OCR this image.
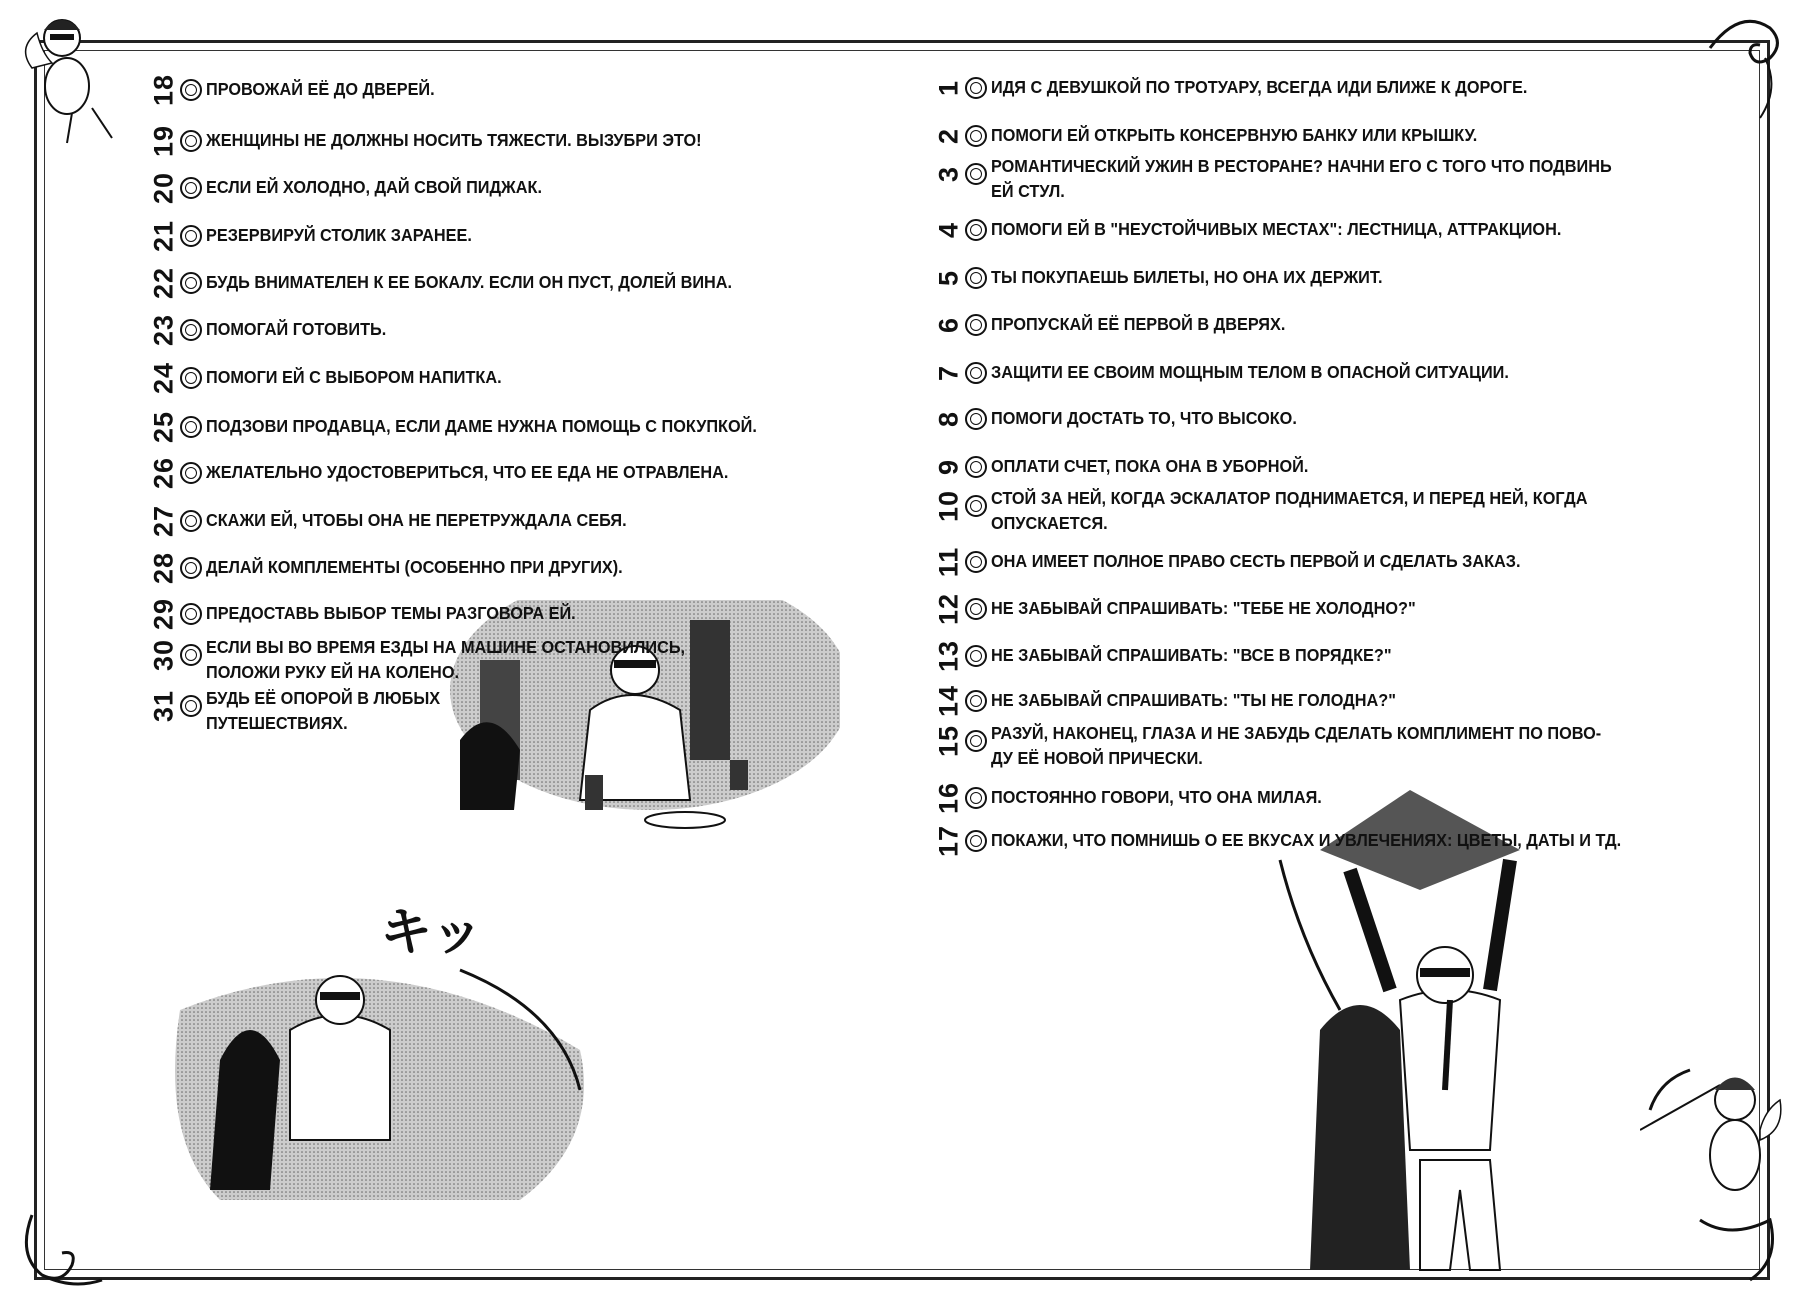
キッ
18 ПРОВОЖАЙ ЕЁ ДО ДВЕРЕЙ.
19 ЖЕНЩИНЫ НЕ ДОЛЖНЫ НОСИТЬ ТЯЖЕСТИ. ВЫЗУБРИ ЭТО!
20 ЕСЛИ ЕЙ ХОЛОДНО, ДАЙ СВОЙ ПИДЖАК.
21 РЕЗЕРВИРУЙ СТОЛИК ЗАРАНЕЕ.
22 БУДЬ ВНИМАТЕЛЕН К ЕЕ БОКАЛУ. ЕСЛИ ОН ПУСТ, ДОЛЕЙ ВИНА.
23 ПОМОГАЙ ГОТОВИТЬ.
24 ПОМОГИ ЕЙ С ВЫБОРОМ НАПИТКА.
25 ПОДЗОВИ ПРОДАВЦА, ЕСЛИ ДАМЕ НУЖНА ПОМОЩЬ С ПОКУПКОЙ.
26 ЖЕЛАТЕЛЬНО УДОСТОВЕРИТЬСЯ, ЧТО ЕЕ ЕДА НЕ ОТРАВЛЕНА.
27 СКАЖИ ЕЙ, ЧТОБЫ ОНА НЕ ПЕРЕТРУЖДАЛА СЕБЯ.
28 ДЕЛАЙ КОМПЛЕМЕНТЫ (ОСОБЕННО ПРИ ДРУГИХ).
29 ПРЕДОСТАВЬ ВЫБОР ТЕМЫ РАЗГОВОРА ЕЙ.
30 ЕСЛИ ВЫ ВО ВРЕМЯ ЕЗДЫ НА МАШИНЕ ОСТАНОВИЛИСЬ,
ПОЛОЖИ РУКУ ЕЙ НА КОЛЕНО.
31 БУДЬ ЕЁ ОПОРОЙ В ЛЮБЫХ
ПУТЕШЕСТВИЯХ.
1 ИДЯ С ДЕВУШКОЙ ПО ТРОТУАРУ, ВСЕГДА ИДИ БЛИЖЕ К ДОРОГЕ.
2 ПОМОГИ ЕЙ ОТКРЫТЬ КОНСЕРВНУЮ БАНКУ ИЛИ КРЫШКУ.
3 РОМАНТИЧЕСКИЙ УЖИН В РЕСТОРАНЕ? НАЧНИ ЕГО С ТОГО ЧТО ПОДВИНЬ
ЕЙ СТУЛ.
4 ПОМОГИ ЕЙ В "НЕУСТОЙЧИВЫХ МЕСТАХ": ЛЕСТНИЦА, АТТРАКЦИОН.
5 ТЫ ПОКУПАЕШЬ БИЛЕТЫ, НО ОНА ИХ ДЕРЖИТ.
6 ПРОПУСКАЙ ЕЁ ПЕРВОЙ В ДВЕРЯХ.
7 ЗАЩИТИ ЕЕ СВОИМ МОЩНЫМ ТЕЛОМ В ОПАСНОЙ СИТУАЦИИ.
8 ПОМОГИ ДОСТАТЬ ТО, ЧТО ВЫСОКО.
9 ОПЛАТИ СЧЕТ, ПОКА ОНА В УБОРНОЙ.
10 СТОЙ ЗА НЕЙ, КОГДА ЭСКАЛАТОР ПОДНИМАЕТСЯ, И ПЕРЕД НЕЙ, КОГДА
ОПУСКАЕТСЯ.
11 ОНА ИМЕЕТ ПОЛНОЕ ПРАВО СЕСТЬ ПЕРВОЙ И СДЕЛАТЬ ЗАКАЗ.
12 НЕ ЗАБЫВАЙ СПРАШИВАТЬ: "ТЕБЕ НЕ ХОЛОДНО?"
13 НЕ ЗАБЫВАЙ СПРАШИВАТЬ: "ВСЕ В ПОРЯДКЕ?"
14 НЕ ЗАБЫВАЙ СПРАШИВАТЬ: "ТЫ НЕ ГОЛОДНА?"
15 РАЗУЙ, НАКОНЕЦ, ГЛАЗА И НЕ ЗАБУДЬ СДЕЛАТЬ КОМПЛИМЕНТ ПО ПОВО-
ДУ ЕЁ НОВОЙ ПРИЧЕСКИ.
16 ПОСТОЯННО ГОВОРИ, ЧТО ОНА МИЛАЯ.
17 ПОКАЖИ, ЧТО ПОМНИШЬ О ЕЕ ВКУСАХ И УВЛЕЧЕНИЯХ: ЦВЕТЫ, ДАТЫ И ТД.
